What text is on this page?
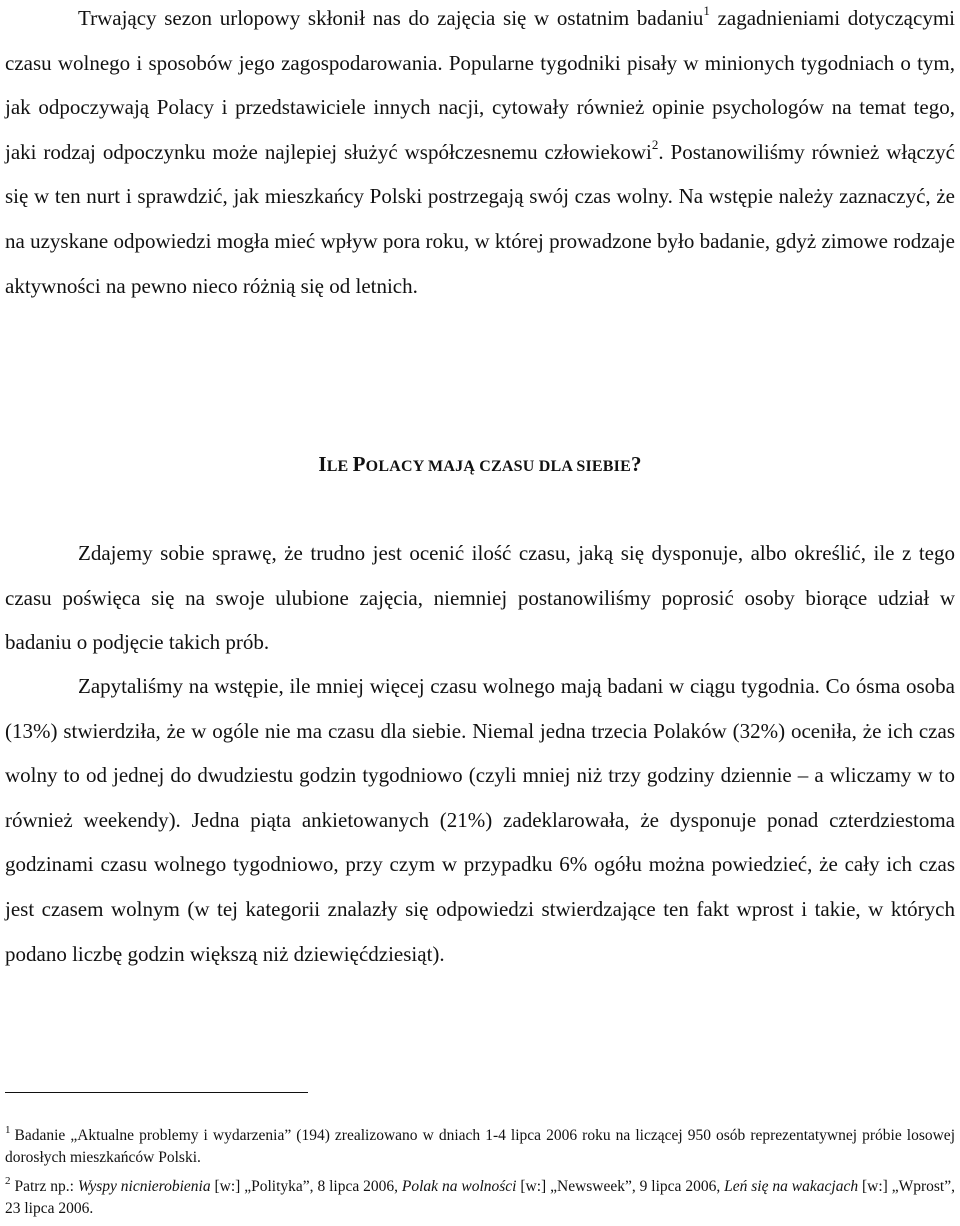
Trwający sezon urlopowy skłonił nas do zajęcia się w ostatnim badaniu$^1$ zagadnieniami dotyczącymi czasu wolnego i sposobów jego zagospodarowania. Popularne tygodniki pisały w minionych tygodniach o tym, jak odpoczywają Polacy i przedstawiciele innych nacji, cytowały również opinie psychologów na temat tego, jaki rodzaj odpoczynku może najlepiej służyć współczesnemu człowiekowi$^2$. Postanowiliśmy również włączyć się w ten nurt i sprawdzić, jak mieszkańcy Polski postrzegają swój czas wolny. Na wstępie należy zaznaczyć, że na uzyskane odpowiedzi mogła mieć wpływ pora roku, w której prowadzone było badanie, gdyż zimowe rodzaje aktywności na pewno nieco różnią się od letnich.

ILE POLACY MAJĄ CZASU DLA SIEBIE?

Zdajemy sobie sprawę, że trudno jest ocenić ilość czasu, jaką się dysponuje, albo określić, ile z tego czasu poświęca się na swoje ulubione zajęcia, niemniej postanowiliśmy poprosić osoby biorące udział w badaniu o podjęcie takich prób.

Zapytaliśmy na wstępie, ile mniej więcej czasu wolnego mają badani w ciągu tygodnia. Co ósma osoba (13%) stwierdziła, że w ogóle nie ma czasu dla siebie. Niemal jedna trzecia Polaków (32%) oceniła, że ich czas wolny to od jednej do dwudziestu godzin tygodniowo (czyli mniej niż trzy godziny dziennie – a wliczamy w to również weekendy). Jedna piąta ankietowanych (21%) zadeklarowała, że dysponuje ponad czterdziestoma godzinami czasu wolnego tygodniowo, przy czym w przypadku 6% ogółu można powiedzieć, że cały ich czas jest czasem wolnym (w tej kategorii znalazły się odpowiedzi stwierdzające ten fakt wprost i takie, w których podano liczbę godzin większą niż dziewięćdziesiąt).

$^1$ Badanie „Aktualne problemy i wydarzenia” (194) zrealizowano w dniach 1-4 lipca 2006 roku na liczącej 950 osób reprezentatywnej próbie losowej dorosłych mieszkańców Polski.

$^2$ Patrz np.: Wyspy nicnierobienia [w:] „Polityka”, 8 lipca 2006, Polak na wolności [w:] „Newsweek”, 9 lipca 2006, Leń się na wakacjach [w:] „Wprost”, 23 lipca 2006.
